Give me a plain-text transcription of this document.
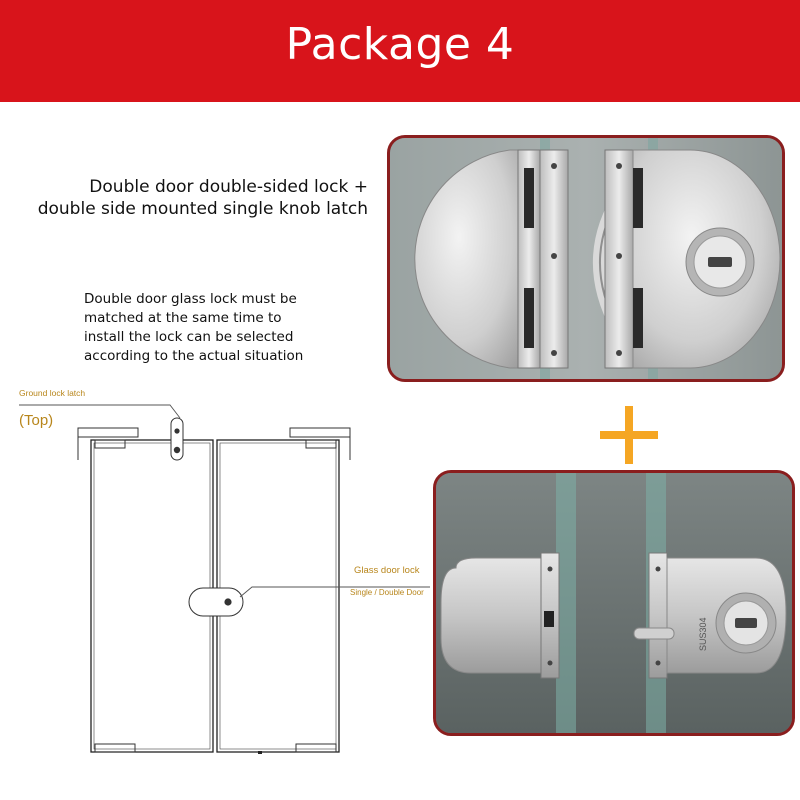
Package 4
Double door double-sided lock +
double side mounted single knob latch
Double door glass lock must be
matched at the same time to
install the lock can be selected
according to the actual situation
Ground lock latch
(Top)
Glass door lock
Single / Double Door
SUS304
